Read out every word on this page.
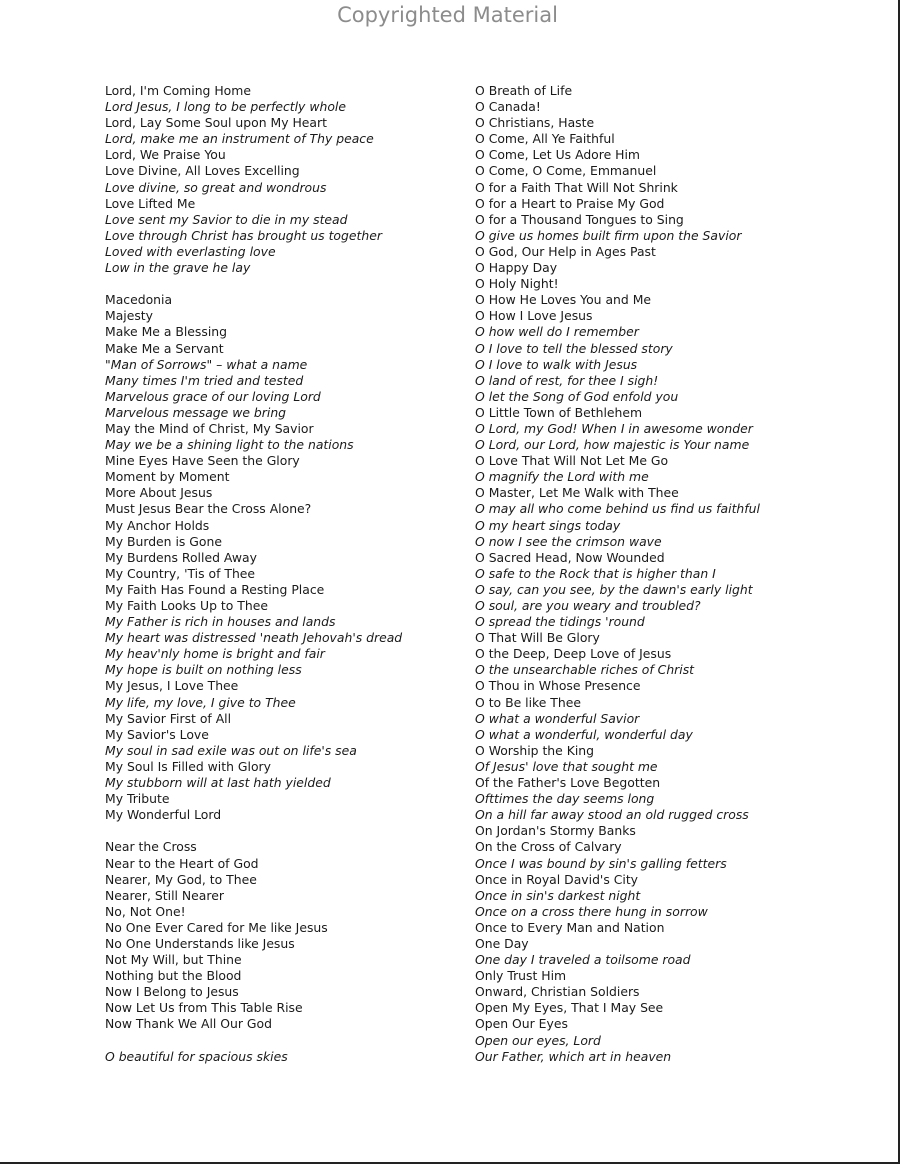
Copyrighted Material
Lord, I'm Coming Home
Lord Jesus, I long to be perfectly whole
Lord, Lay Some Soul upon My Heart
Lord, make me an instrument of Thy peace
Lord, We Praise You
Love Divine, All Loves Excelling
Love divine, so great and wondrous
Love Lifted Me
Love sent my Savior to die in my stead
Love through Christ has brought us together
Loved with everlasting love
Low in the grave he lay
Macedonia
Majesty
Make Me a Blessing
Make Me a Servant
"Man of Sorrows" – what a name
Many times I'm tried and tested
Marvelous grace of our loving Lord
Marvelous message we bring
May the Mind of Christ, My Savior
May we be a shining light to the nations
Mine Eyes Have Seen the Glory
Moment by Moment
More About Jesus
Must Jesus Bear the Cross Alone?
My Anchor Holds
My Burden is Gone
My Burdens Rolled Away
My Country, 'Tis of Thee
My Faith Has Found a Resting Place
My Faith Looks Up to Thee
My Father is rich in houses and lands
My heart was distressed 'neath Jehovah's dread
My heav'nly home is bright and fair
My hope is built on nothing less
My Jesus, I Love Thee
My life, my love, I give to Thee
My Savior First of All
My Savior's Love
My soul in sad exile was out on life's sea
My Soul Is Filled with Glory
My stubborn will at last hath yielded
My Tribute
My Wonderful Lord
Near the Cross
Near to the Heart of God
Nearer, My God, to Thee
Nearer, Still Nearer
No, Not One!
No One Ever Cared for Me like Jesus
No One Understands like Jesus
Not My Will, but Thine
Nothing but the Blood
Now I Belong to Jesus
Now Let Us from This Table Rise
Now Thank We All Our God
O beautiful for spacious skies
O Breath of Life
O Canada!
O Christians, Haste
O Come, All Ye Faithful
O Come, Let Us Adore Him
O Come, O Come, Emmanuel
O for a Faith That Will Not Shrink
O for a Heart to Praise My God
O for a Thousand Tongues to Sing
O give us homes built firm upon the Savior
O God, Our Help in Ages Past
O Happy Day
O Holy Night!
O How He Loves You and Me
O How I Love Jesus
O how well do I remember
O I love to tell the blessed story
O I love to walk with Jesus
O land of rest, for thee I sigh!
O let the Song of God enfold you
O Little Town of Bethlehem
O Lord, my God! When I in awesome wonder
O Lord, our Lord, how majestic is Your name
O Love That Will Not Let Me Go
O magnify the Lord with me
O Master, Let Me Walk with Thee
O may all who come behind us find us faithful
O my heart sings today
O now I see the crimson wave
O Sacred Head, Now Wounded
O safe to the Rock that is higher than I
O say, can you see, by the dawn's early light
O soul, are you weary and troubled?
O spread the tidings 'round
O That Will Be Glory
O the Deep, Deep Love of Jesus
O the unsearchable riches of Christ
O Thou in Whose Presence
O to Be like Thee
O what a wonderful Savior
O what a wonderful, wonderful day
O Worship the King
Of Jesus' love that sought me
Of the Father's Love Begotten
Ofttimes the day seems long
On a hill far away stood an old rugged cross
On Jordan's Stormy Banks
On the Cross of Calvary
Once I was bound by sin's galling fetters
Once in Royal David's City
Once in sin's darkest night
Once on a cross there hung in sorrow
Once to Every Man and Nation
One Day
One day I traveled a toilsome road
Only Trust Him
Onward, Christian Soldiers
Open My Eyes, That I May See
Open Our Eyes
Open our eyes, Lord
Our Father, which art in heaven
